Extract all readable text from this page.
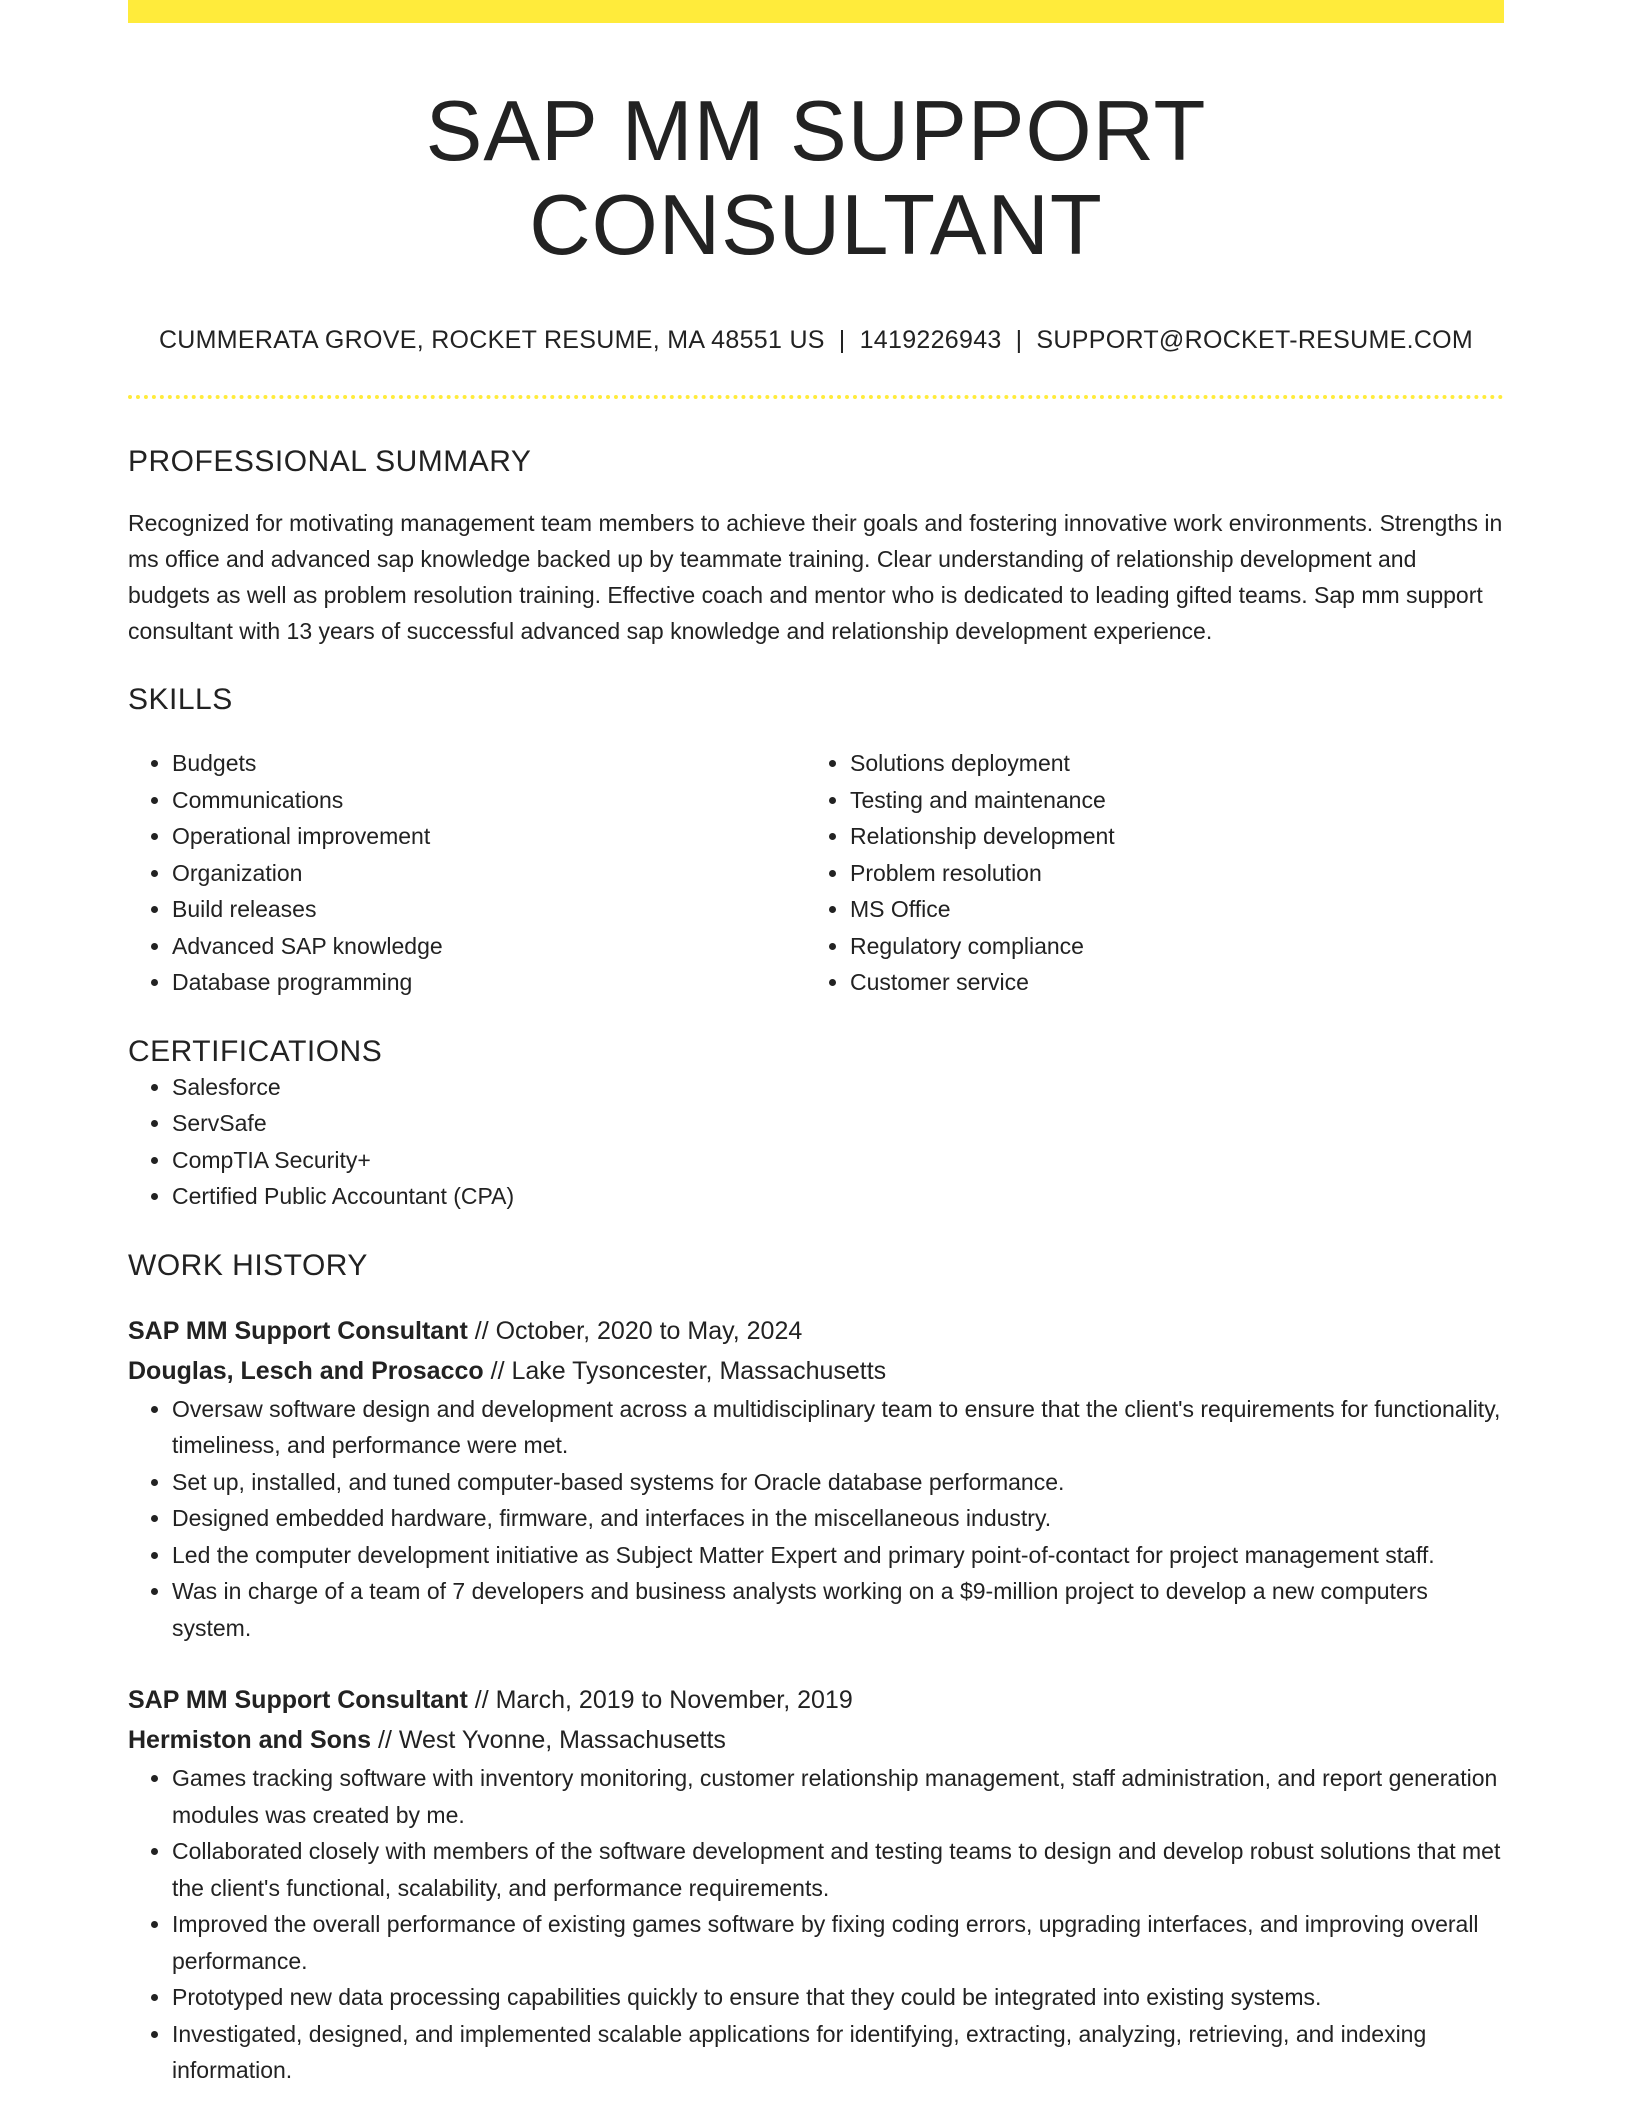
SAP MM SUPPORT CONSULTANT
CUMMERATA GROVE, ROCKET RESUME, MA 48551 US | 1419226943 | SUPPORT@ROCKET-RESUME.COM
PROFESSIONAL SUMMARY

Recognized for motivating management team members to achieve their goals and fostering innovative work environments. Strengths in ms office and advanced sap knowledge backed up by teammate training. Clear understanding of relationship development and budgets as well as problem resolution training. Effective coach and mentor who is dedicated to leading gifted teams. Sap mm support consultant with 13 years of successful advanced sap knowledge and relationship development experience.

SKILLS
• Budgets
• Communications
• Operational improvement
• Organization
• Build releases
• Advanced SAP knowledge
• Database programming
• Solutions deployment
• Testing and maintenance
• Relationship development
• Problem resolution
• MS Office
• Regulatory compliance
• Customer service
CERTIFICATIONS
• Salesforce
• ServSafe
• CompTIA Security+
• Certified Public Accountant (CPA)
WORK HISTORY
SAP MM Support Consultant // October, 2020 to May, 2024
Douglas, Lesch and Prosacco // Lake Tysoncester, Massachusetts
• Oversaw software design and development across a multidisciplinary team to ensure that the client's requirements for functionality, timeliness, and performance were met.
• Set up, installed, and tuned computer-based systems for Oracle database performance.
• Designed embedded hardware, firmware, and interfaces in the miscellaneous industry.
• Led the computer development initiative as Subject Matter Expert and primary point-of-contact for project management staff.
• Was in charge of a team of 7 developers and business analysts working on a $9-million project to develop a new computers system.
SAP MM Support Consultant // March, 2019 to November, 2019
Hermiston and Sons // West Yvonne, Massachusetts
• Games tracking software with inventory monitoring, customer relationship management, staff administration, and report generation modules was created by me.
• Collaborated closely with members of the software development and testing teams to design and develop robust solutions that met the client's functional, scalability, and performance requirements.
• Improved the overall performance of existing games software by fixing coding errors, upgrading interfaces, and improving overall performance.
• Prototyped new data processing capabilities quickly to ensure that they could be integrated into existing systems.
• Investigated, designed, and implemented scalable applications for identifying, extracting, analyzing, retrieving, and indexing information.
